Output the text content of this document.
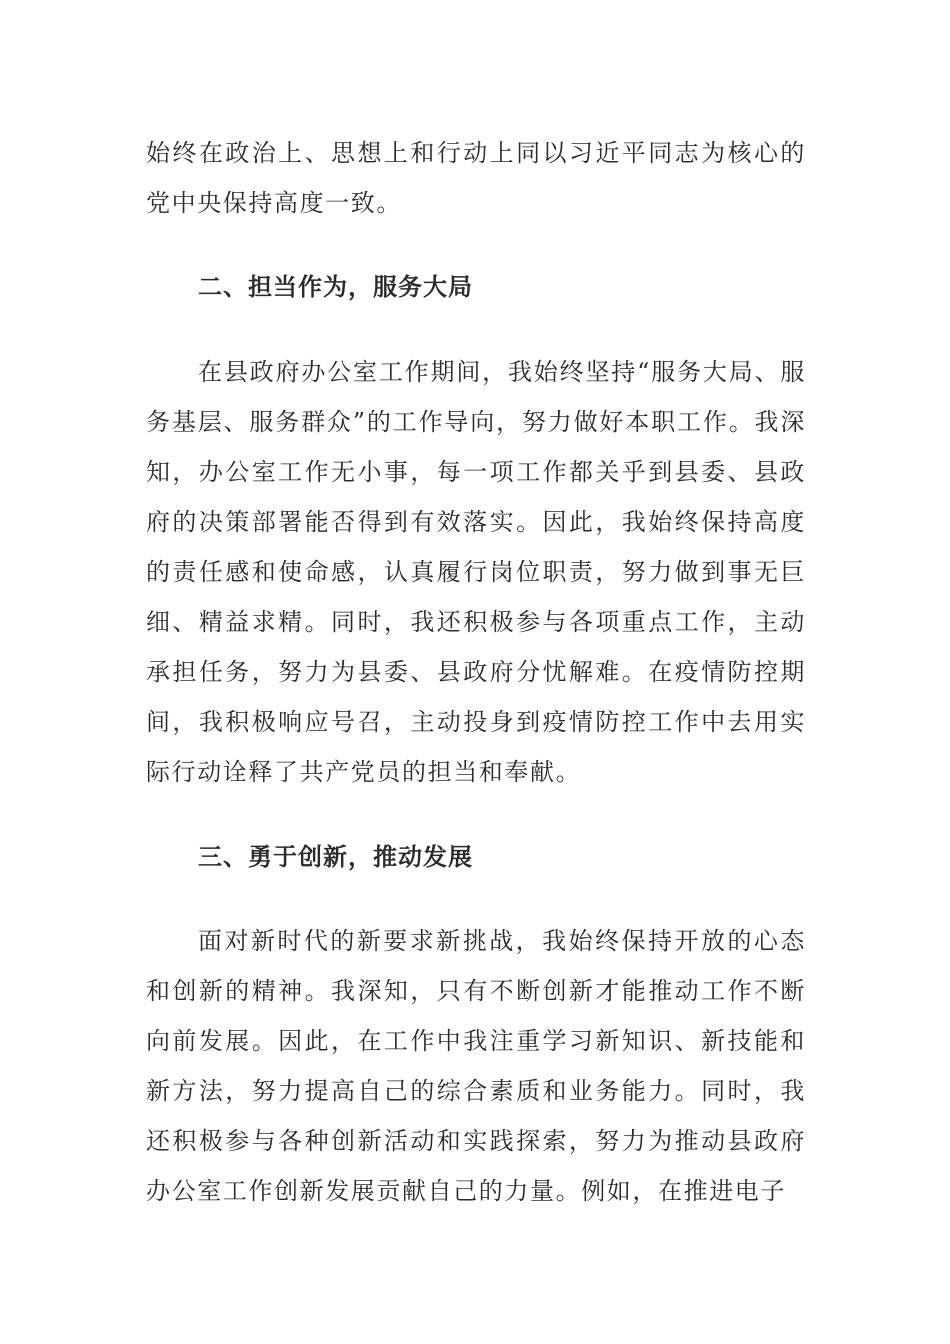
始终在政治上、思想上和行动上同以习近平同志为核心的党中央保持高度一致。

二、担当作为，服务大局

在县政府办公室工作期间，我始终坚持“服务大局、服务基层、服务群众”的工作导向，努力做好本职工作。我深知，办公室工作无小事，每一项工作都关乎到县委、县政府的决策部署能否得到有效落实。因此，我始终保持高度的责任感和使命感，认真履行岗位职责，努力做到事无巨细、精益求精。同时，我还积极参与各项重点工作，主动承担任务，努力为县委、县政府分忧解难。在疫情防控期间，我积极响应号召，主动投身到疫情防控工作中去用实际行动诠释了共产党员的担当和奉献。

三、勇于创新，推动发展

面对新时代的新要求新挑战，我始终保持开放的心态和创新的精神。我深知，只有不断创新才能推动工作不断向前发展。因此，在工作中我注重学习新知识、新技能和新方法，努力提高自己的综合素质和业务能力。同时，我还积极参与各种创新活动和实践探索，努力为推动县政府办公室工作创新发展贡献自己的力量。例如，在推进电子
